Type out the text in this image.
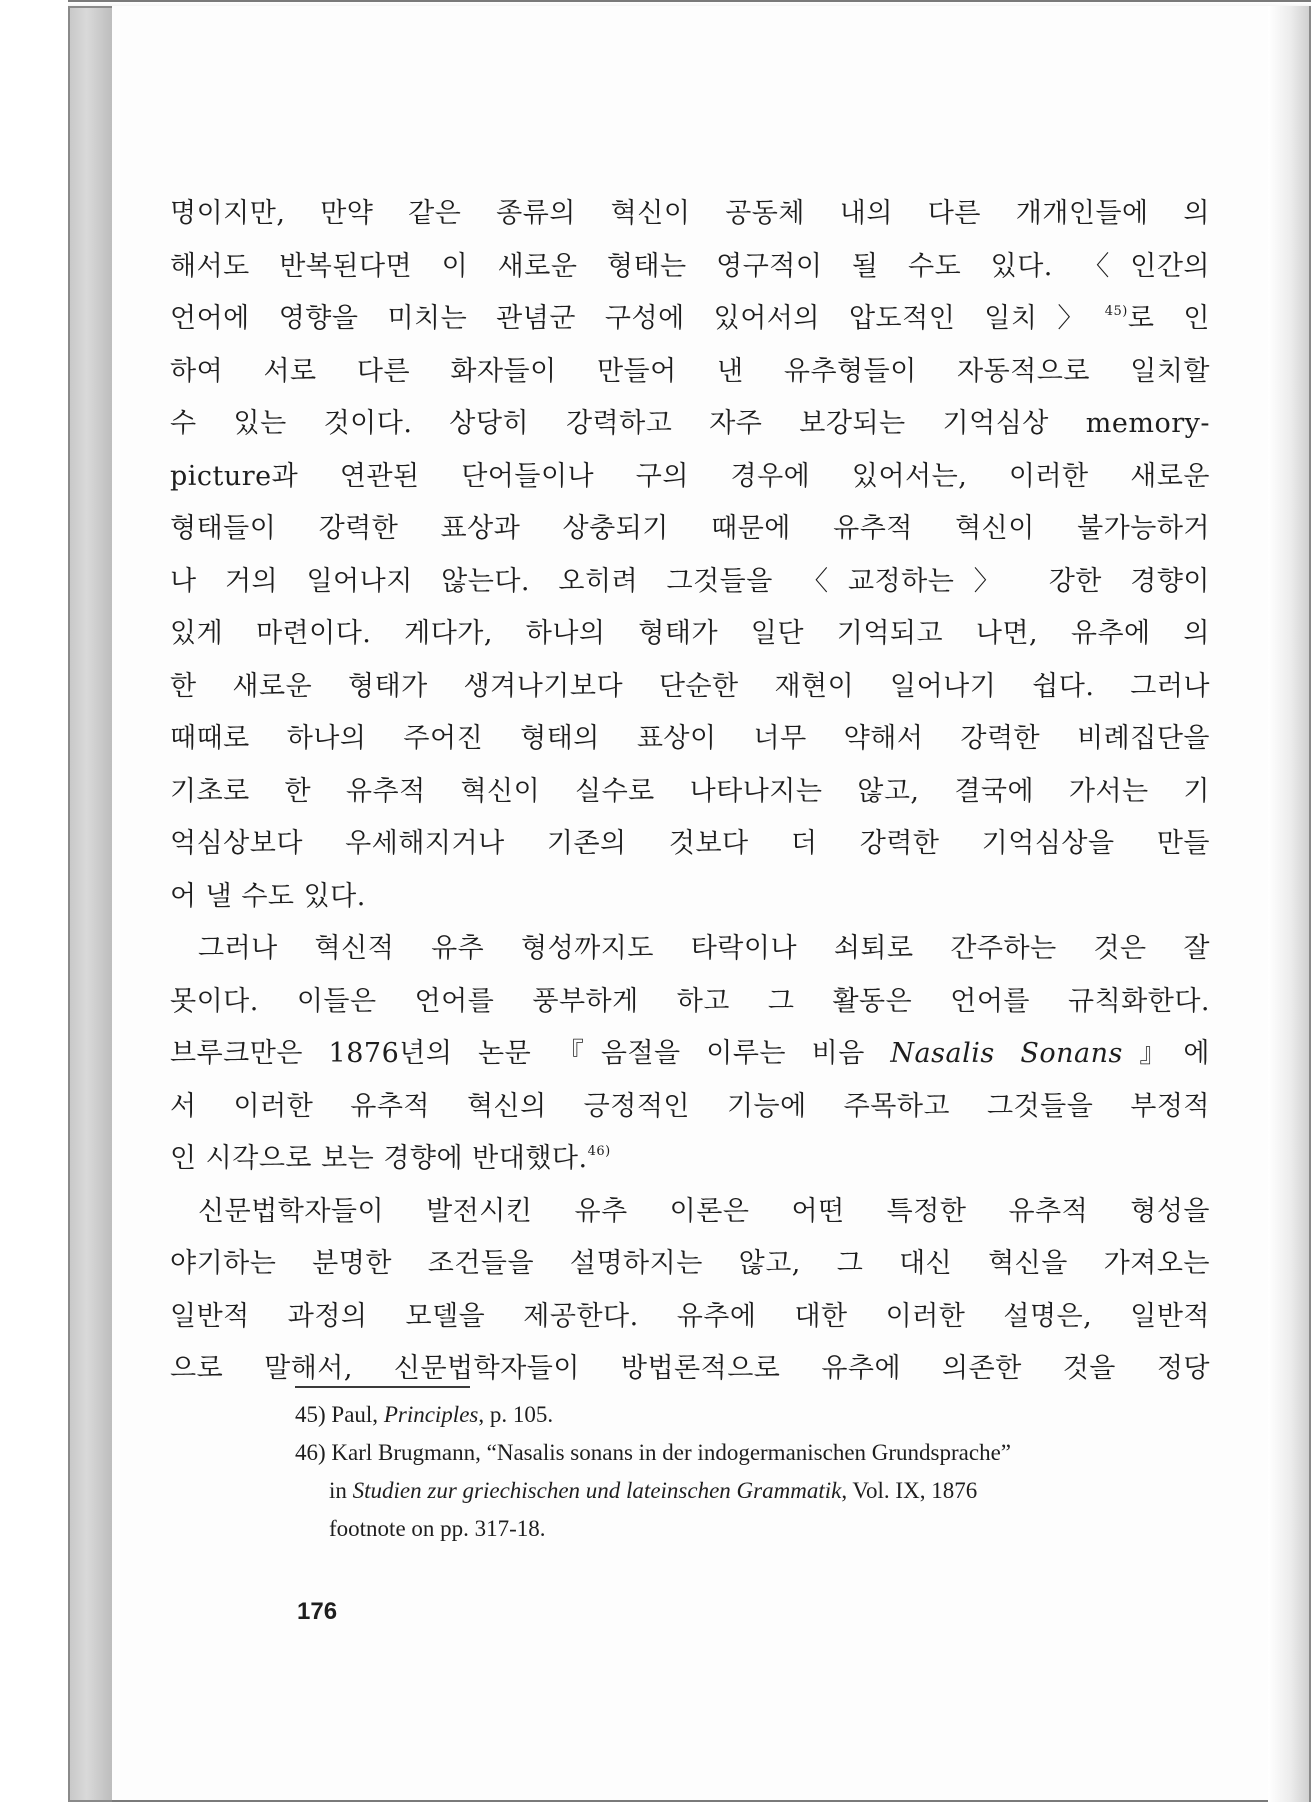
명이지만, 만약 같은 종류의 혁신이 공동체 내의 다른 개개인들에 의
해서도 반복된다면 이 새로운 형태는 영구적이 될 수도 있다. 〈인간의
언어에 영향을 미치는 관념군 구성에 있어서의 압도적인 일치〉$^{45)}$로 인
하여 서로 다른 화자들이 만들어 낸 유추형들이 자동적으로 일치할
수 있는 것이다. 상당히 강력하고 자주 보강되는 기억심상 memory-
picture과 연관된 단어들이나 구의 경우에 있어서는, 이러한 새로운
형태들이 강력한 표상과 상충되기 때문에 유추적 혁신이 불가능하거
나 거의 일어나지 않는다. 오히려 그것들을 〈교정하는〉 강한 경향이
있게 마련이다. 게다가, 하나의 형태가 일단 기억되고 나면, 유추에 의
한 새로운 형태가 생겨나기보다 단순한 재현이 일어나기 쉽다. 그러나
때때로 하나의 주어진 형태의 표상이 너무 약해서 강력한 비례집단을
기초로 한 유추적 혁신이 실수로 나타나지는 않고, 결국에 가서는 기
억심상보다 우세해지거나 기존의 것보다 더 강력한 기억심상을 만들
어 낼 수도 있다.
그러나 혁신적 유추 형성까지도 타락이나 쇠퇴로 간주하는 것은 잘
못이다. 이들은 언어를 풍부하게 하고 그 활동은 언어를 규칙화한다.
브루크만은 1876년의 논문 『음절을 이루는 비음 Nasalis Sonans』에
서 이러한 유추적 혁신의 긍정적인 기능에 주목하고 그것들을 부정적
인 시각으로 보는 경향에 반대했다.$^{46)}$
신문법학자들이 발전시킨 유추 이론은 어떤 특정한 유추적 형성을
야기하는 분명한 조건들을 설명하지는 않고, 그 대신 혁신을 가져오는
일반적 과정의 모델을 제공한다. 유추에 대한 이러한 설명은, 일반적
으로 말해서, 신문법학자들이 방법론적으로 유추에 의존한 것을 정당
45) Paul, Principles, p. 105.
46) Karl Brugmann, “Nasalis sonans in der indogermanischen Grundsprache”
in Studien zur griechischen und lateinschen Grammatik, Vol. IX, 1876
footnote on pp. 317-18.
176
